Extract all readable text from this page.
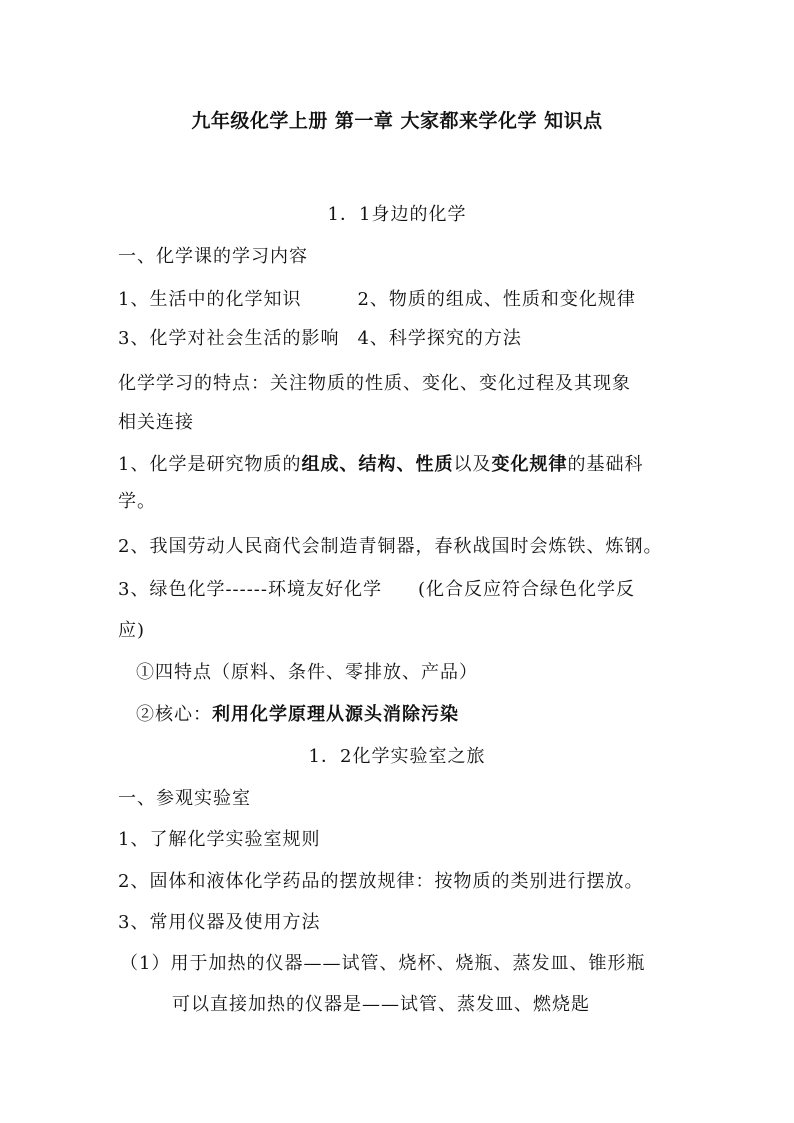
九年级化学上册 第一章 大家都来学化学 知识点
1．1身边的化学
一、化学课的学习内容
1、生活中的化学知识	2、物质的组成、性质和变化规律
3、化学对社会生活的影响 4、科学探究的方法
化学学习的特点：关注物质的性质、变化、变化过程及其现象
相关连接
1、化学是研究物质的组成、结构、性质以及变化规律的基础科
学。
2、我国劳动人民商代会制造青铜器，春秋战国时会炼铁、炼钢。
3、绿色化学------环境友好化学 (化合反应符合绿色化学反
应)
①四特点（原料、条件、零排放、产品）
②核心：利用化学原理从源头消除污染
1．2化学实验室之旅
一、参观实验室
1、了解化学实验室规则
2、固体和液体化学药品的摆放规律：按物质的类别进行摆放。
3、常用仪器及使用方法
（1）用于加热的仪器——试管、烧杯、烧瓶、蒸发皿、锥形瓶
可以直接加热的仪器是——试管、蒸发皿、燃烧匙
